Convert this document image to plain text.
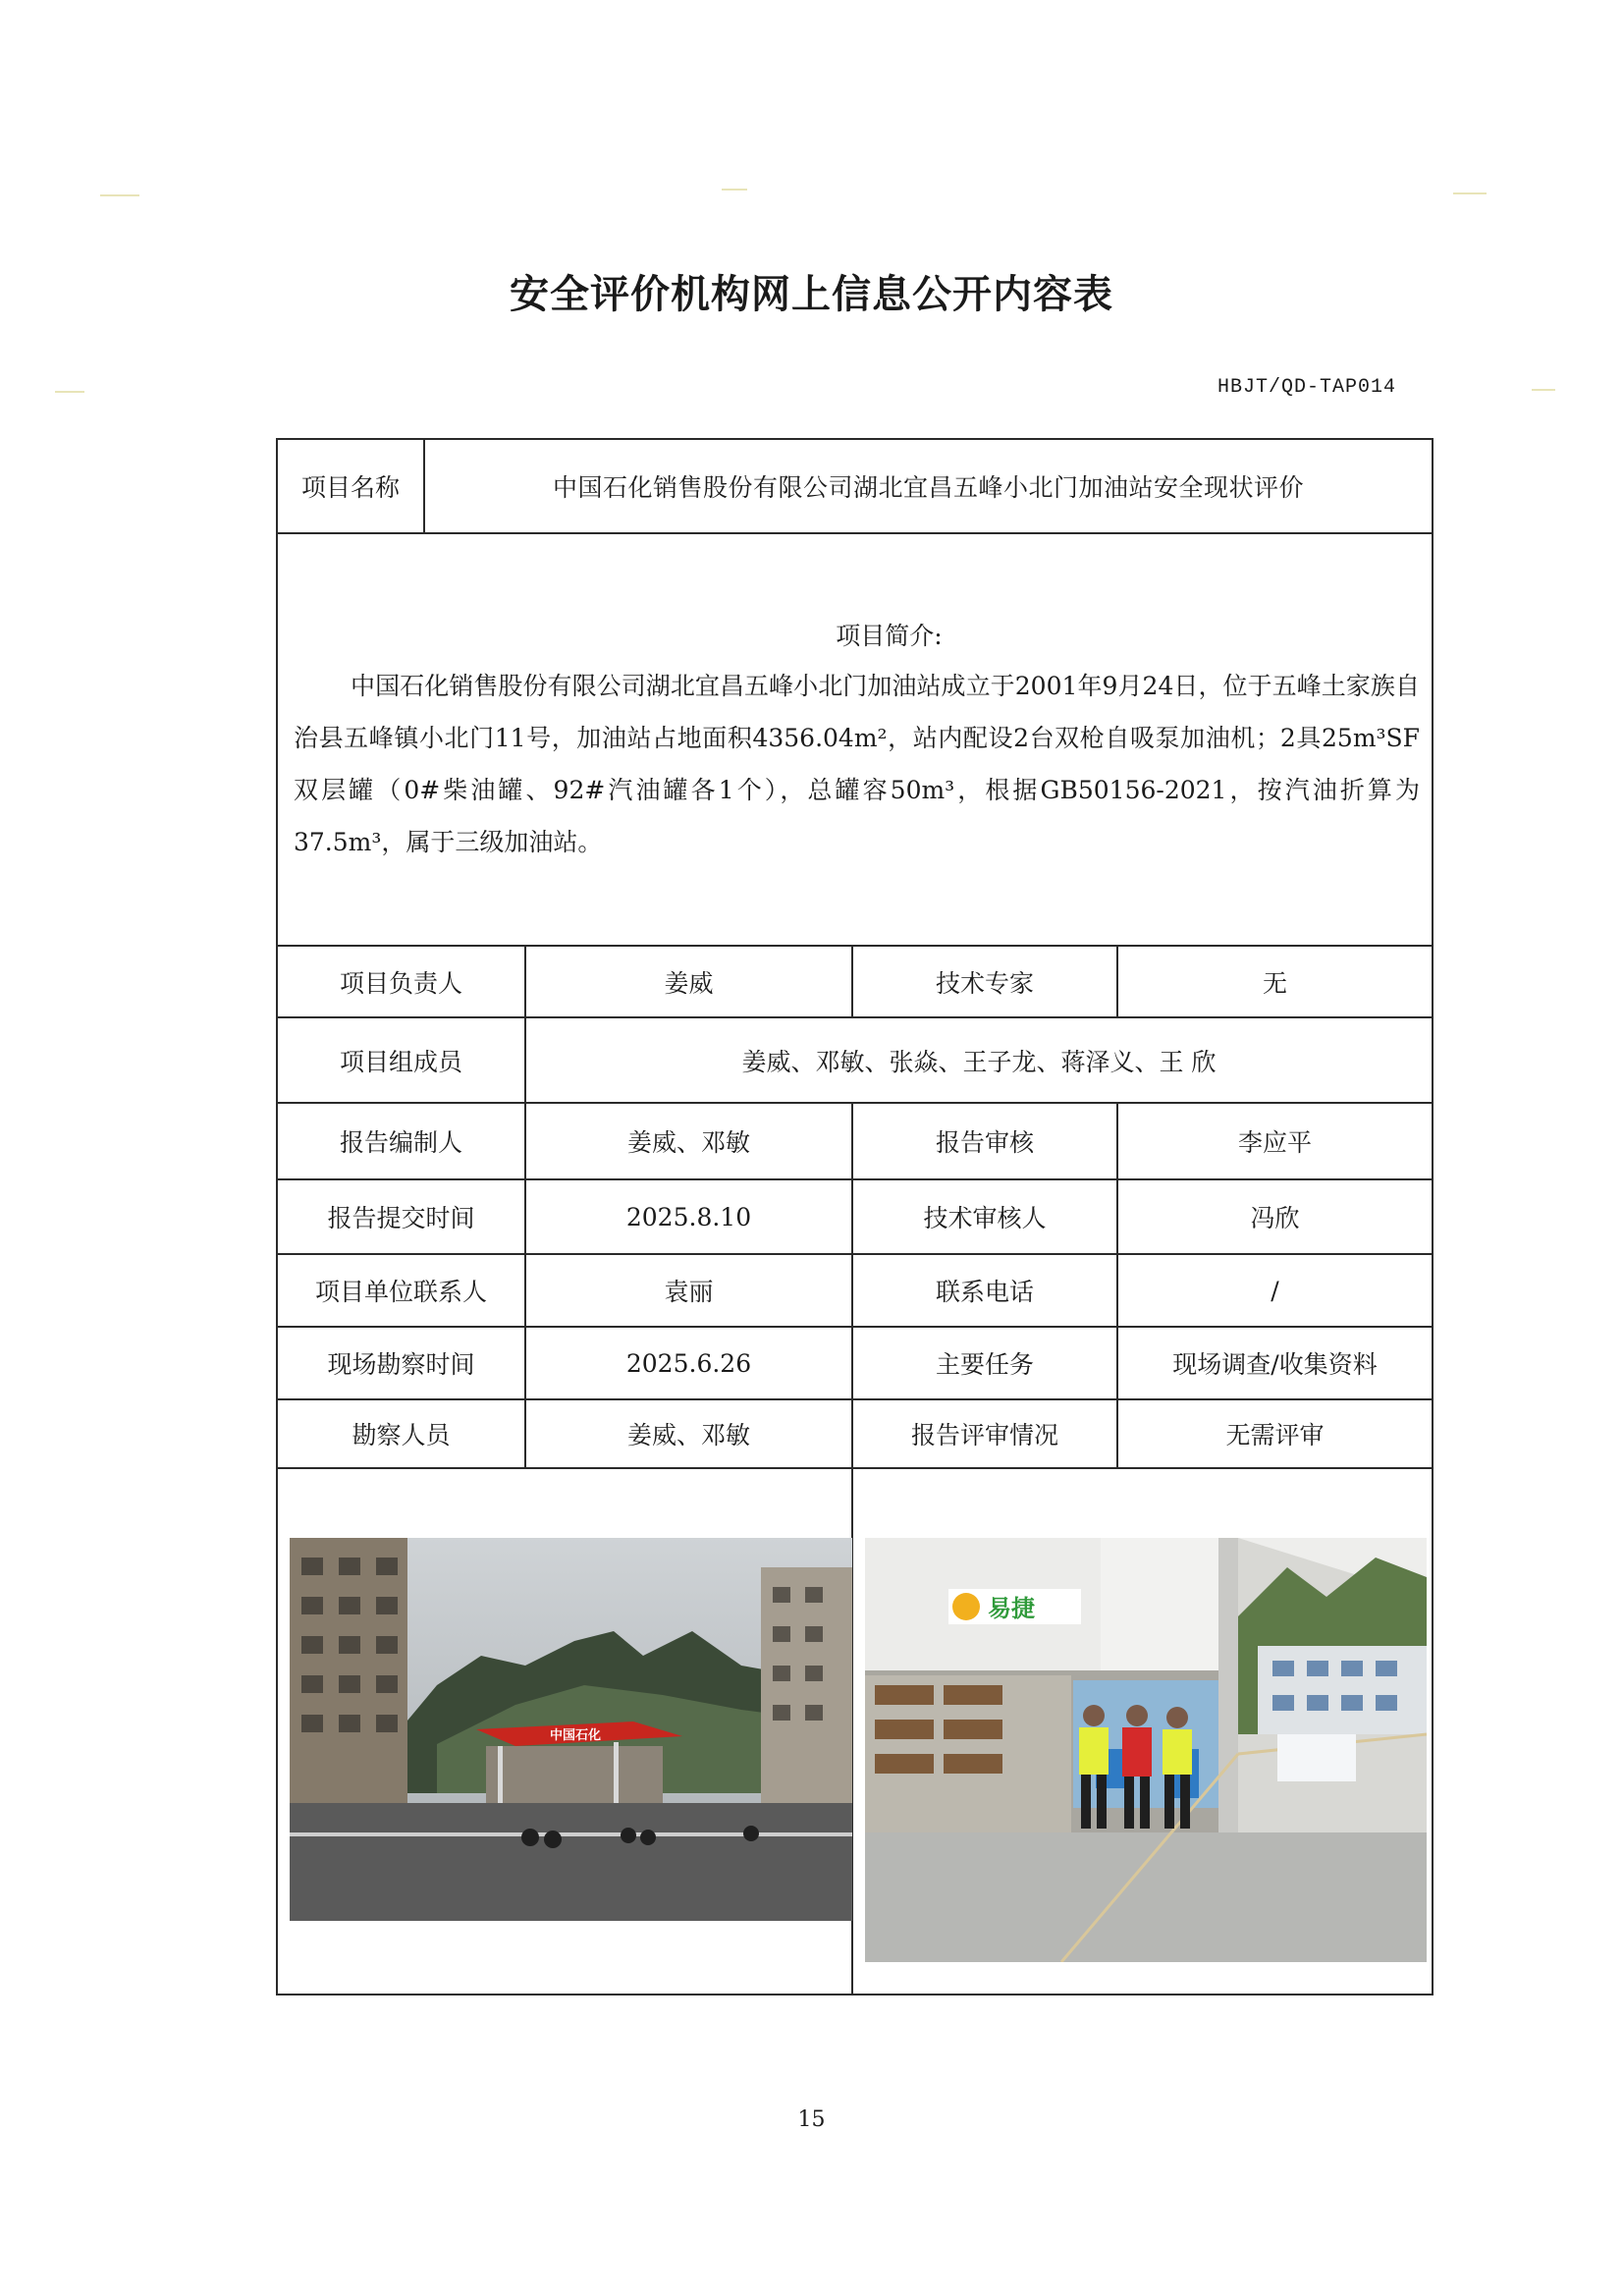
安全评价机构网上信息公开内容表
HBJT/QD-TAP014
项目名称	中国石化销售股份有限公司湖北宜昌五峰小北门加油站安全现状评价			

项目简介:
中国石化销售股份有限公司湖北宜昌五峰小北门加油站成立于2001年9月24日，位于五峰土家族自治县五峰镇小北门11号，加油站占地面积4356.04m²，站内配设2台双枪自吸泵加油机；2具25m³SF双层罐（0#柴油罐、92#汽油罐各1个），总罐容50m³，根据GB50156-2021，按汽油折算为37.5m³，属于三级加油站。				

项目负责人		姜威	技术专家	无
项目组成员		姜威、邓敏、张焱、王子龙、蒋泽义、王 欣		
报告编制人		姜威、邓敏	报告审核	李应平
报告提交时间		2025.8.10	技术审核人	冯欣
项目单位联系人		袁丽	联系电话	/
现场勘察时间		2025.6.26	主要任务	现场调查/收集资料
勘察人员		姜威、邓敏	报告评审情况	无需评审

中国石化			易捷	
15
